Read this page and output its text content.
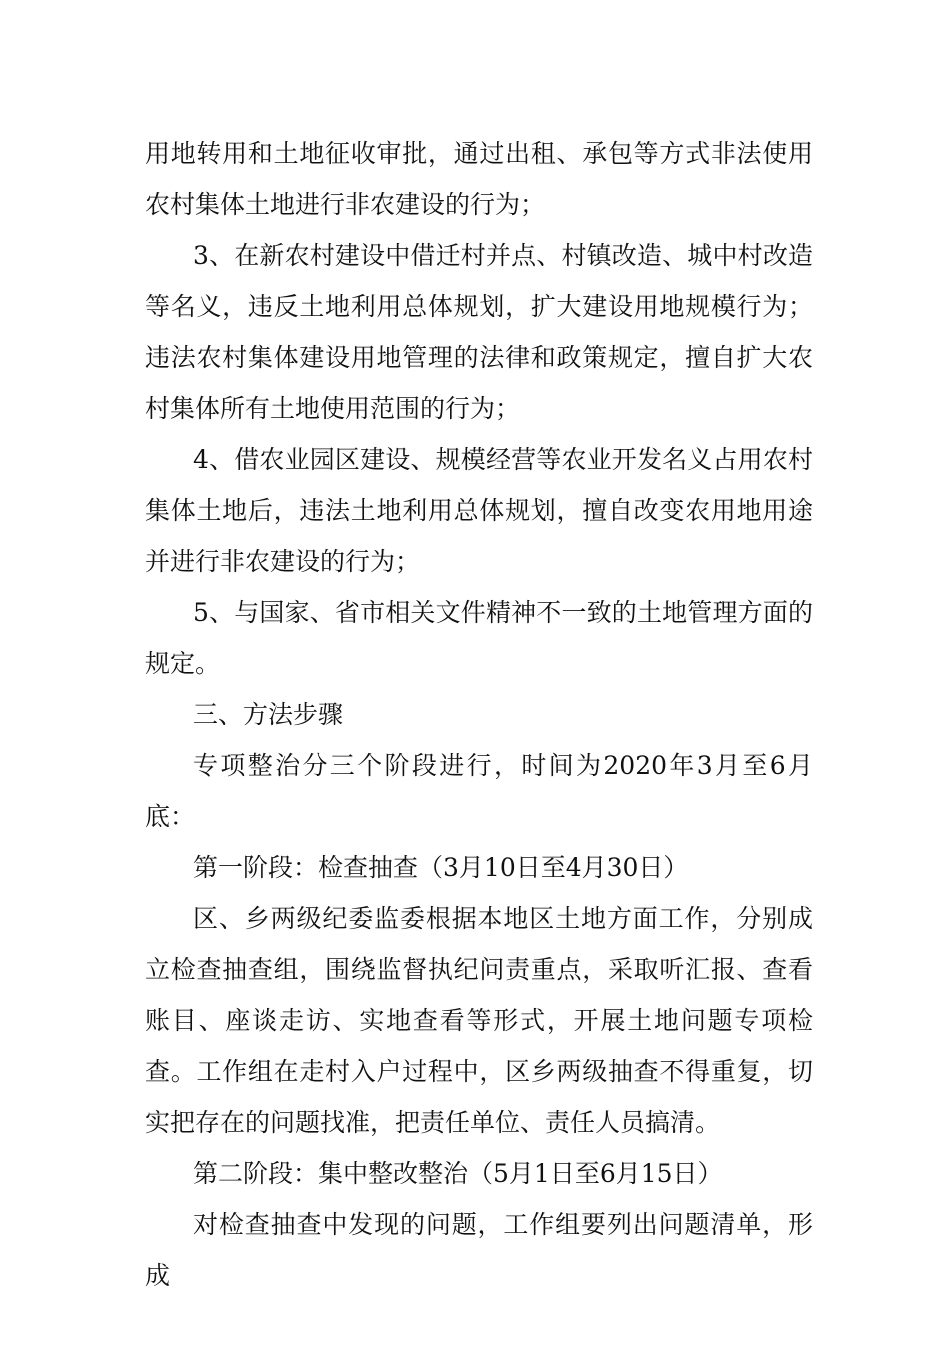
用地转用和土地征收审批，通过出租、承包等方式非法使用农村集体土地进行非农建设的行为；

3、在新农村建设中借迁村并点、村镇改造、城中村改造等名义，违反土地利用总体规划，扩大建设用地规模行为；违法农村集体建设用地管理的法律和政策规定，擅自扩大农村集体所有土地使用范围的行为；

4、借农业园区建设、规模经营等农业开发名义占用农村集体土地后，违法土地利用总体规划，擅自改变农用地用途并进行非农建设的行为；

5、与国家、省市相关文件精神不一致的土地管理方面的规定。

三、方法步骤

专项整治分三个阶段进行，时间为2020年3月至6月底：

第一阶段：检查抽查（3月10日至4月30日）

区、乡两级纪委监委根据本地区土地方面工作，分别成立检查抽查组，围绕监督执纪问责重点，采取听汇报、查看账目、座谈走访、实地查看等形式，开展土地问题专项检查。工作组在走村入户过程中，区乡两级抽查不得重复，切实把存在的问题找准，把责任单位、责任人员搞清。

第二阶段：集中整改整治（5月1日至6月15日）

对检查抽查中发现的问题，工作组要列出问题清单，形成
